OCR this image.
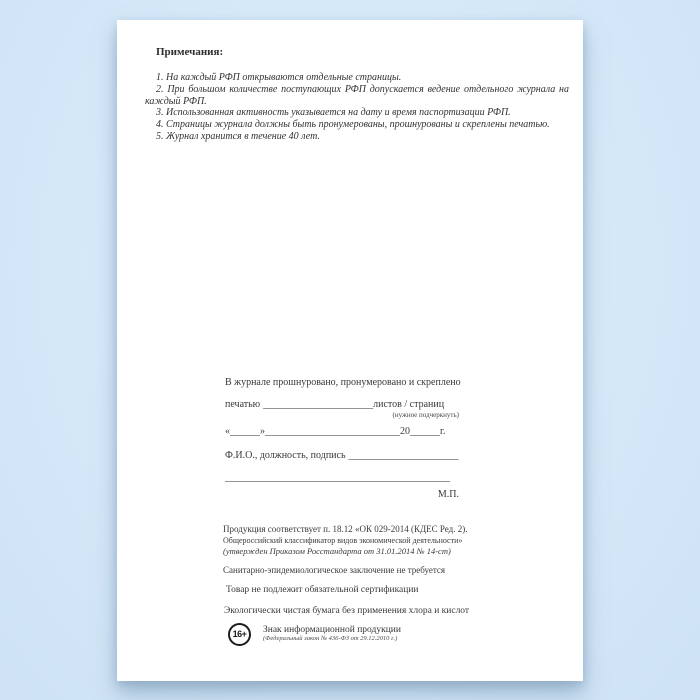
Примечания:

1. На каждый РФП открываются отдельные страницы.

2. При большом количестве поступающих РФП допускается ведение отдельного журнала на каждый РФП.

3. Использованная активность указывается на дату и время паспортизации РФП.

4. Страницы журнала должны быть пронумерованы, прошнурованы и скреплены печатью.

5. Журнал хранится в течение 40 лет.

В журнале прошнуровано, пронумеровано и скреплено

печатью ______________________листов / страниц

(нужное подчеркнуть)

«______»___________________________20______г.

Ф.И.О., должность, подпись ______________________

_____________________________________________

М.П.

Продукция соответствует п. 18.12 «ОК 029-2014 (КДЕС Ред. 2).

Общероссийский классификатор видов экономической деятельности»

(утвержден Приказом Росстандарта от 31.01.2014 № 14-ст)

Санитарно-эпидемиологическое заключение не требуется

Товар не подлежит обязательной сертификации

Экологически чистая бумага без применения хлора и кислот

16+	Знак информационной продукции
(Федеральный закон № 436-ФЗ от 29.12.2010 г.)
